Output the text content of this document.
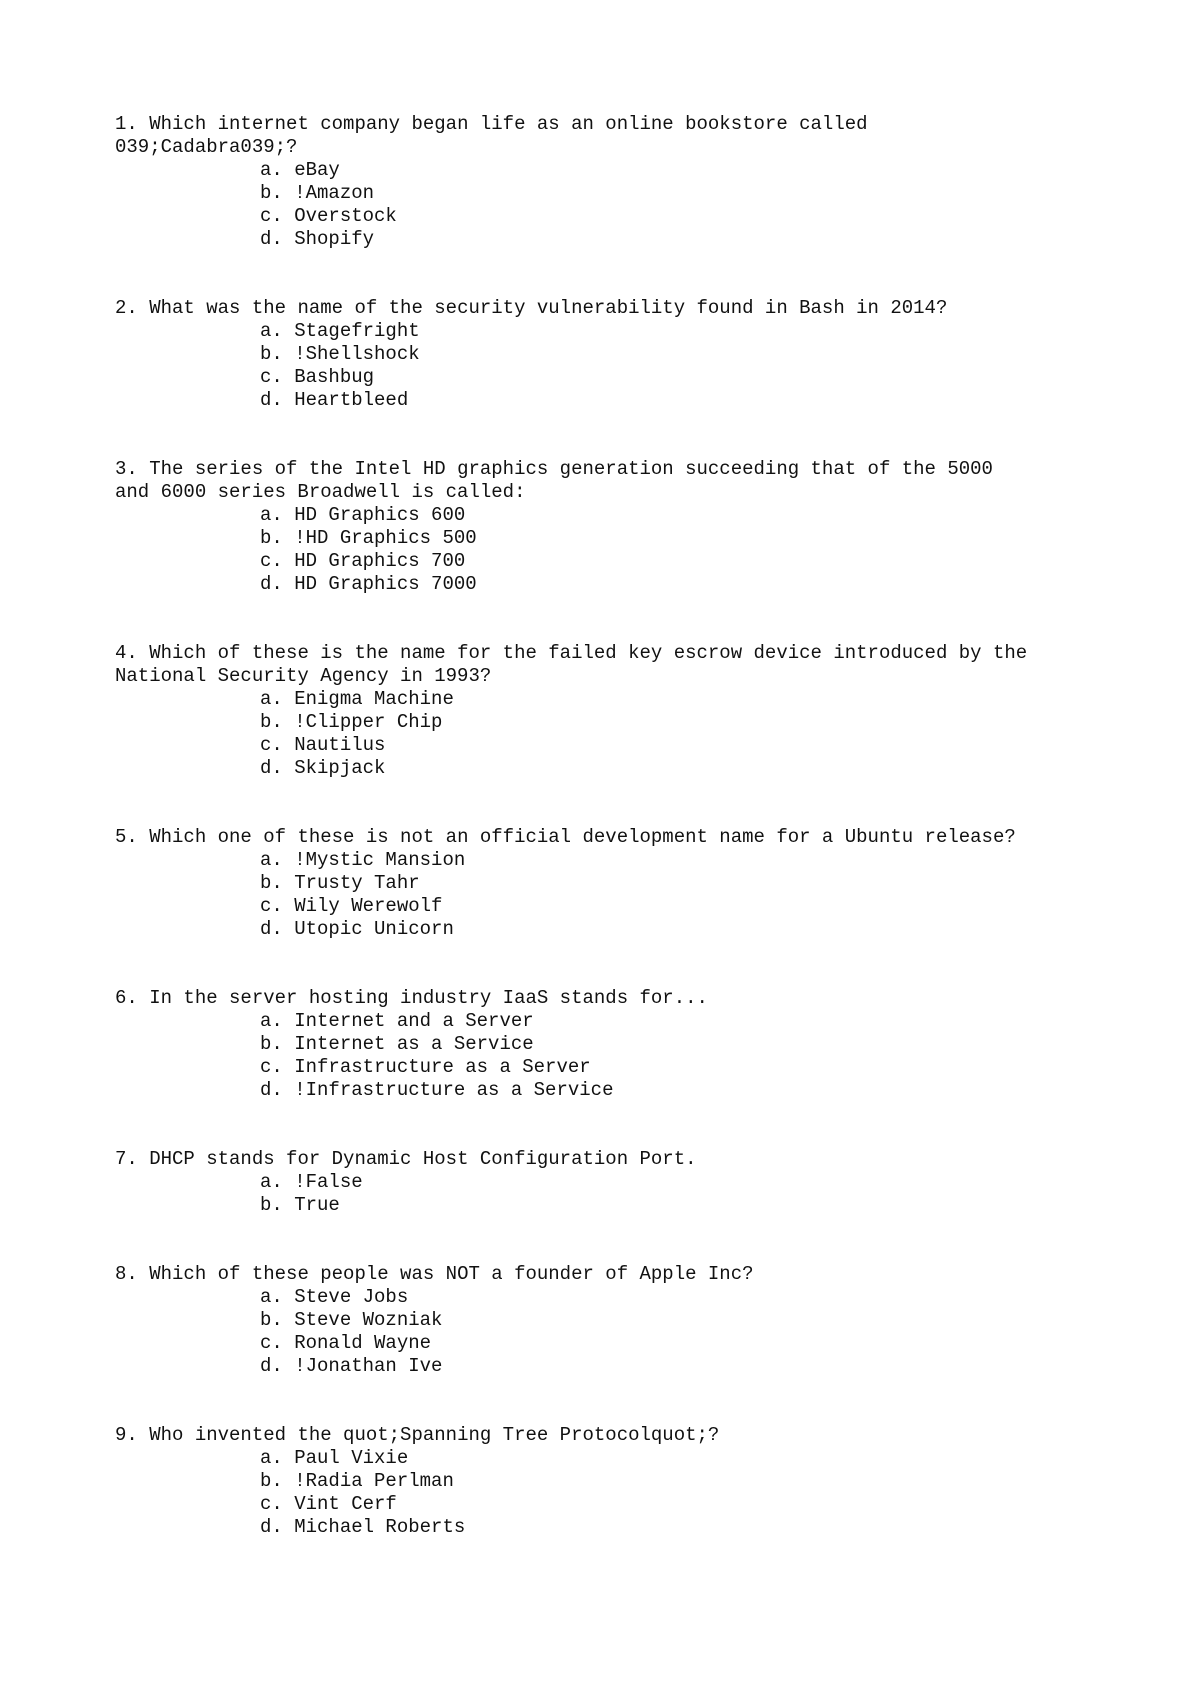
1. Which internet company began life as an online bookstore called
039;Cadabra039;?

a. eBay
b. !Amazon
c. Overstock
d. Shopify

2. What was the name of the security vulnerability found in Bash in 2014?

a. Stagefright
b. !Shellshock
c. Bashbug
d. Heartbleed

3. The series of the Intel HD graphics generation succeeding that of the 5000
and 6000 series Broadwell is called:

a. HD Graphics 600
b. !HD Graphics 500
c. HD Graphics 700
d. HD Graphics 7000

4. Which of these is the name for the failed key escrow device introduced by the
National Security Agency in 1993?

a. Enigma Machine
b. !Clipper Chip
c. Nautilus
d. Skipjack

5. Which one of these is not an official development name for a Ubuntu release?

a. !Mystic Mansion
b. Trusty Tahr
c. Wily Werewolf
d. Utopic Unicorn

6. In the server hosting industry IaaS stands for...

a. Internet and a Server
b. Internet as a Service
c. Infrastructure as a Server
d. !Infrastructure as a Service

7. DHCP stands for Dynamic Host Configuration Port.

a. !False
b. True

8. Which of these people was NOT a founder of Apple Inc?

a. Steve Jobs
b. Steve Wozniak
c. Ronald Wayne
d. !Jonathan Ive

9. Who invented the quot;Spanning Tree Protocolquot;?

a. Paul Vixie
b. !Radia Perlman
c. Vint Cerf
d. Michael Roberts
